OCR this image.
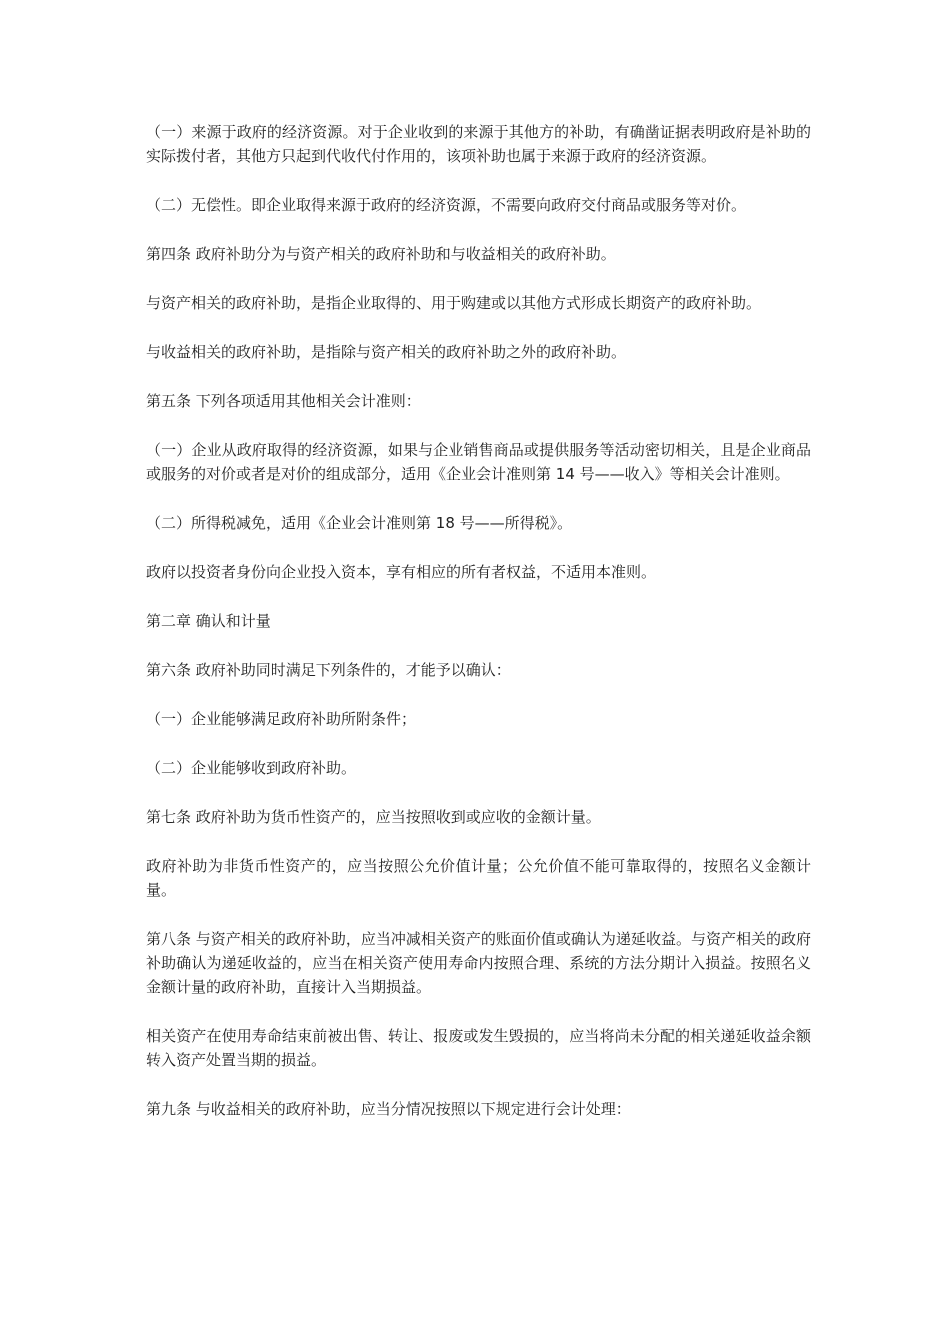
（一）来源于政府的经济资源。对于企业收到的来源于其他方的补助，有确凿证据表明政府是补助的实际拨付者，其他方只起到代收代付作用的，该项补助也属于来源于政府的经济资源。

（二）无偿性。即企业取得来源于政府的经济资源，不需要向政府交付商品或服务等对价。

第四条 政府补助分为与资产相关的政府补助和与收益相关的政府补助。

与资产相关的政府补助，是指企业取得的、用于购建或以其他方式形成长期资产的政府补助。

与收益相关的政府补助，是指除与资产相关的政府补助之外的政府补助。

第五条 下列各项适用其他相关会计准则：

（一）企业从政府取得的经济资源，如果与企业销售商品或提供服务等活动密切相关，且是企业商品或服务的对价或者是对价的组成部分，适用《企业会计准则第 14 号——收入》等相关会计准则。

（二）所得税减免，适用《企业会计准则第 18 号——所得税》。

政府以投资者身份向企业投入资本，享有相应的所有者权益，不适用本准则。

第二章 确认和计量

第六条 政府补助同时满足下列条件的，才能予以确认：

（一）企业能够满足政府补助所附条件；

（二）企业能够收到政府补助。

第七条 政府补助为货币性资产的，应当按照收到或应收的金额计量。

政府补助为非货币性资产的，应当按照公允价值计量；公允价值不能可靠取得的，按照名义金额计量。

第八条 与资产相关的政府补助，应当冲减相关资产的账面价值或确认为递延收益。与资产相关的政府补助确认为递延收益的，应当在相关资产使用寿命内按照合理、系统的方法分期计入损益。按照名义金额计量的政府补助，直接计入当期损益。

相关资产在使用寿命结束前被出售、转让、报废或发生毁损的，应当将尚未分配的相关递延收益余额转入资产处置当期的损益。

第九条 与收益相关的政府补助，应当分情况按照以下规定进行会计处理：
